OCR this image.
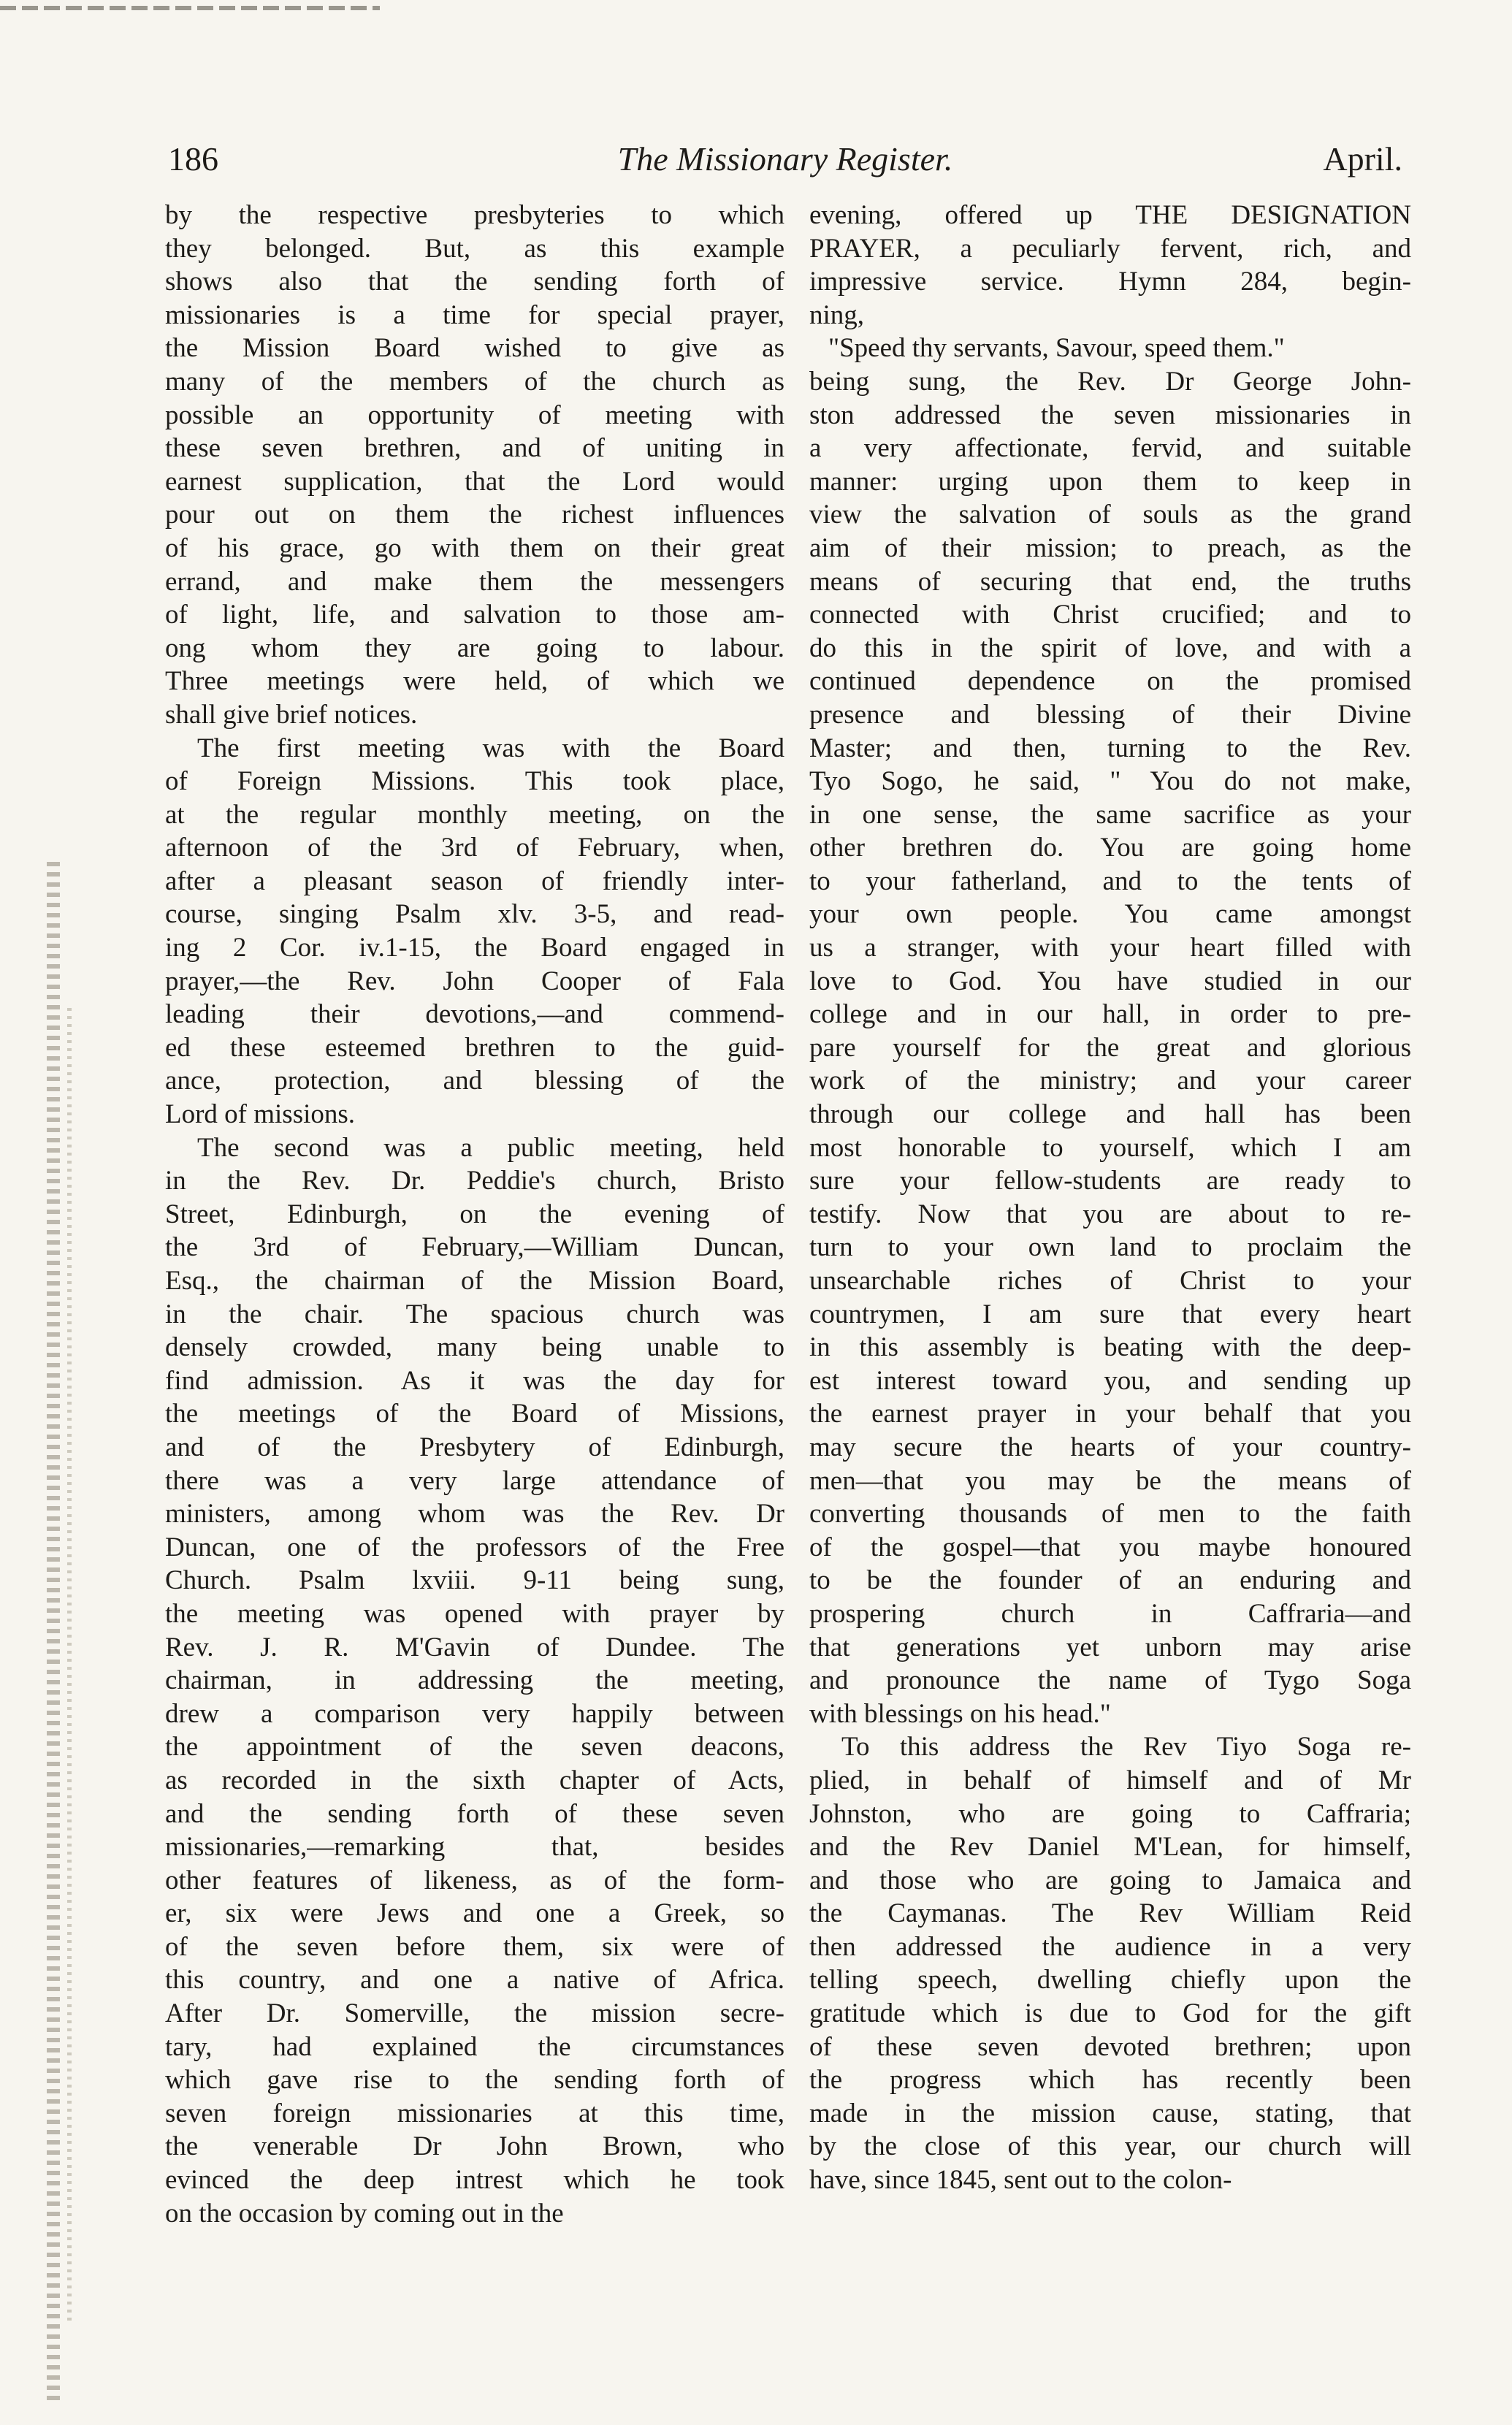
186	The Missionary Register.	April.
by the respective presbyteries to which
they belonged. But, as this example
shows also that the sending forth of
missionaries is a time for special prayer,
the Mission Board wished to give as
many of the members of the church as
possible an opportunity of meeting with
these seven brethren, and of uniting in
earnest supplication, that the Lord would
pour out on them the richest influences
of his grace, go with them on their great
errand, and make them the messengers
of light, life, and salvation to those am-
ong whom they are going to labour.
Three meetings were held, of which we
shall give brief notices.
The first meeting was with the Board
of Foreign Missions. This took place,
at the regular monthly meeting, on the
afternoon of the 3rd of February, when,
after a pleasant season of friendly inter-
course, singing Psalm xlv. 3-5, and read-
ing 2 Cor. iv.1-15, the Board engaged in
prayer,—the Rev. John Cooper of Fala
leading their devotions,—and commend-
ed these esteemed brethren to the guid-
ance, protection, and blessing of the
Lord of missions.
The second was a public meeting, held
in the Rev. Dr. Peddie's church, Bristo
Street, Edinburgh, on the evening of
the 3rd of February,—William Duncan,
Esq., the chairman of the Mission Board,
in the chair. The spacious church was
densely crowded, many being unable to
find admission. As it was the day for
the meetings of the Board of Missions,
and of the Presbytery of Edinburgh,
there was a very large attendance of
ministers, among whom was the Rev. Dr
Duncan, one of the professors of the Free
Church. Psalm lxviii. 9-11 being sung,
the meeting was opened with prayer by
Rev. J. R. M'Gavin of Dundee. The
chairman, in addressing the meeting,
drew a comparison very happily between
the appointment of the seven deacons,
as recorded in the sixth chapter of Acts,
and the sending forth of these seven
missionaries,—remarking that, besides
other features of likeness, as of the form-
er, six were Jews and one a Greek, so
of the seven before them, six were of
this country, and one a native of Africa.
After Dr. Somerville, the mission secre-
tary, had explained the circumstances
which gave rise to the sending forth of
seven foreign missionaries at this time,
the venerable Dr John Brown, who
evinced the deep intrest which he took
on the occasion by coming out in the
evening, offered up THE DESIGNATION
PRAYER, a peculiarly fervent, rich, and
impressive service. Hymn 284, begin-
ning,
"Speed thy servants, Savour, speed them."
being sung, the Rev. Dr George John-
ston addressed the seven missionaries in
a very affectionate, fervid, and suitable
manner: urging upon them to keep in
view the salvation of souls as the grand
aim of their mission; to preach, as the
means of securing that end, the truths
connected with Christ crucified; and to
do this in the spirit of love, and with a
continued dependence on the promised
presence and blessing of their Divine
Master; and then, turning to the Rev.
Tyo Sogo, he said, " You do not make,
in one sense, the same sacrifice as your
other brethren do. You are going home
to your fatherland, and to the tents of
your own people. You came amongst
us a stranger, with your heart filled with
love to God. You have studied in our
college and in our hall, in order to pre-
pare yourself for the great and glorious
work of the ministry; and your career
through our college and hall has been
most honorable to yourself, which I am
sure your fellow-students are ready to
testify. Now that you are about to re-
turn to your own land to proclaim the
unsearchable riches of Christ to your
countrymen, I am sure that every heart
in this assembly is beating with the deep-
est interest toward you, and sending up
the earnest prayer in your behalf that you
may secure the hearts of your country-
men—that you may be the means of
converting thousands of men to the faith
of the gospel—that you maybe honoured
to be the founder of an enduring and
prospering church in Caffraria—and
that generations yet unborn may arise
and pronounce the name of Tygo Soga
with blessings on his head."
To this address the Rev Tiyo Soga re-
plied, in behalf of himself and of Mr
Johnston, who are going to Caffraria;
and the Rev Daniel M'Lean, for himself,
and those who are going to Jamaica and
the Caymanas. The Rev William Reid
then addressed the audience in a very
telling speech, dwelling chiefly upon the
gratitude which is due to God for the gift
of these seven devoted brethren; upon
the progress which has recently been
made in the mission cause, stating, that
by the close of this year, our church will
have, since 1845, sent out to the colon-
